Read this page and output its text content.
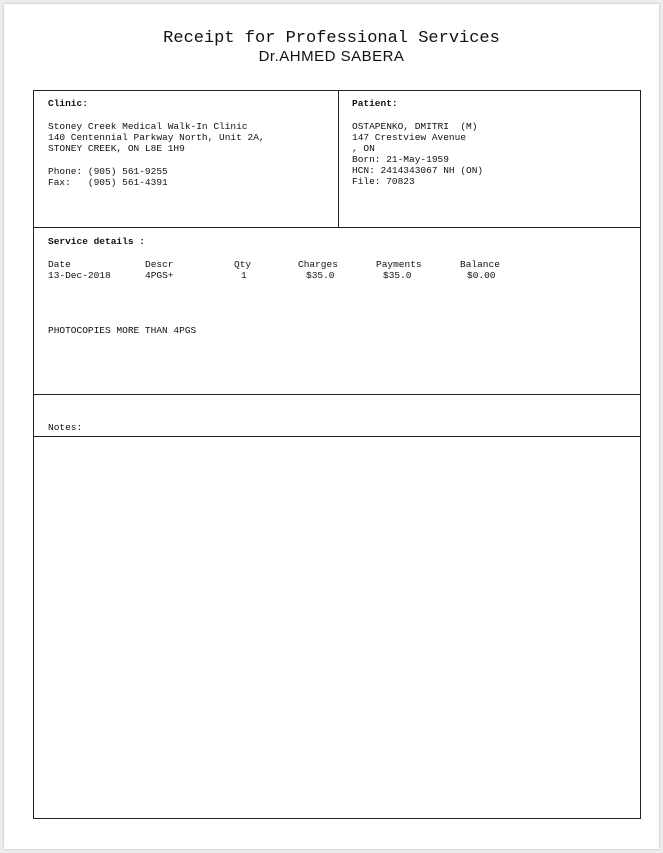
Receipt for Professional Services
Dr.AHMED SABERA
Clinic:
Stoney Creek Medical Walk-In Clinic
140 Centennial Parkway North, Unit 2A,
STONEY CREEK, ON L8E 1H9
Phone: (905) 561-9255
Fax:   (905) 561-4391
Patient:
OSTAPENKO, DMITRI  (M)
147 Crestview Avenue
, ON
Born: 21-May-1959
HCN: 2414343067 NH (ON)
File: 70823
Service details :
Date	Descr	Qty	Charges	Payments	Balance
13-Dec-2018	4PGS+	1	$35.0	$35.0	$0.00
PHOTOCOPIES MORE THAN 4PGS
Notes:
